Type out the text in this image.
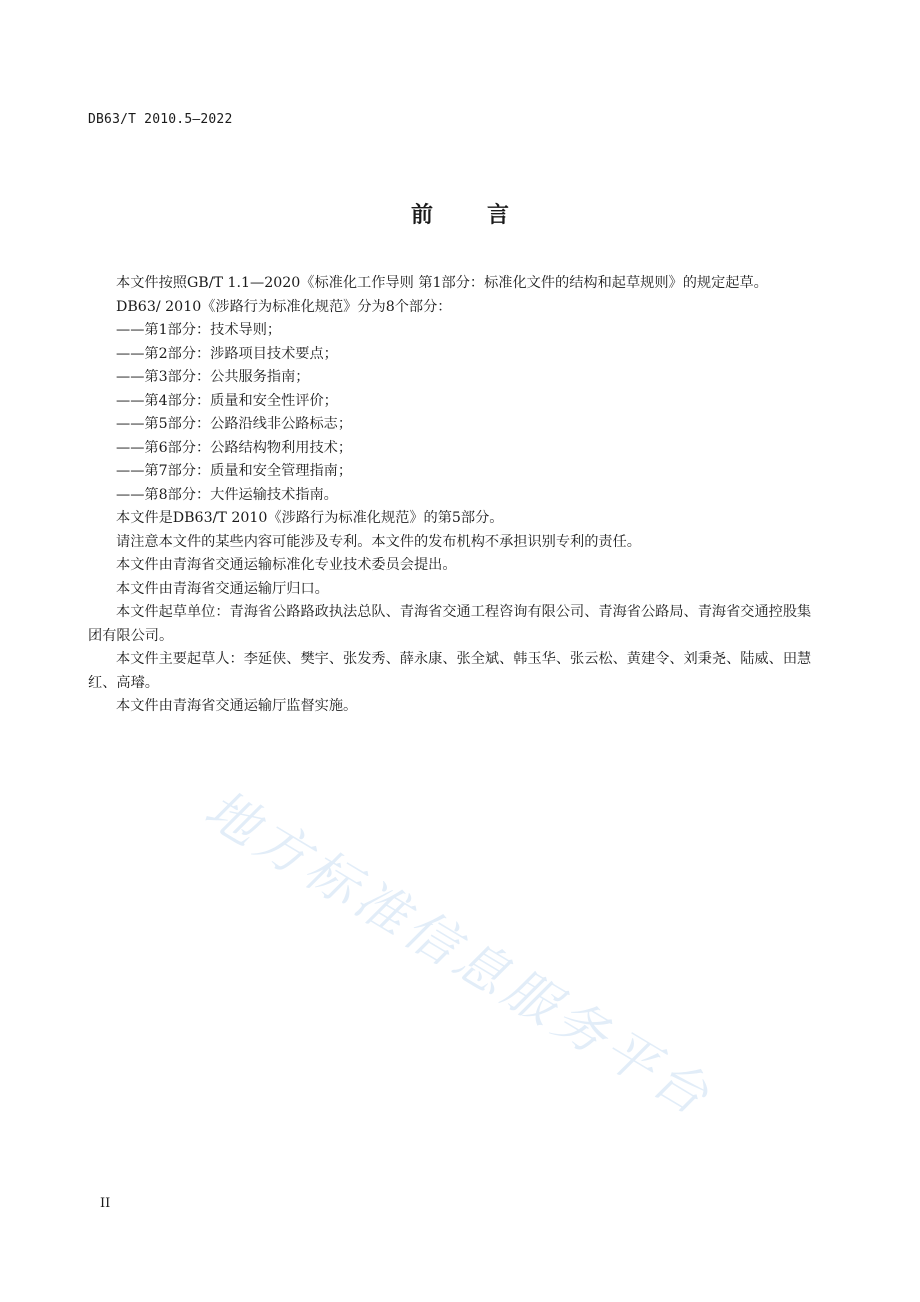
DB63/T 2010.5—2022
前 言

本文件按照GB/T 1.1—2020《标准化工作导则 第1部分：标准化文件的结构和起草规则》的规定起草。

DB63/ 2010《涉路行为标准化规范》分为8个部分：

——第1部分：技术导则；

——第2部分：涉路项目技术要点；

——第3部分：公共服务指南；

——第4部分：质量和安全性评价；

——第5部分：公路沿线非公路标志；

——第6部分：公路结构物利用技术；

——第7部分：质量和安全管理指南；

——第8部分：大件运输技术指南。

本文件是DB63/T 2010《涉路行为标准化规范》的第5部分。

请注意本文件的某些内容可能涉及专利。本文件的发布机构不承担识别专利的责任。

本文件由青海省交通运输标准化专业技术委员会提出。

本文件由青海省交通运输厅归口。

本文件起草单位：青海省公路路政执法总队、青海省交通工程咨询有限公司、青海省公路局、青海省交通控股集团有限公司。

本文件主要起草人：李延侠、樊宇、张发秀、薛永康、张全斌、韩玉华、张云松、黄建令、刘秉尧、陆威、田慧红、高璿。

本文件由青海省交通运输厅监督实施。

地方标准信息服务平台
II
